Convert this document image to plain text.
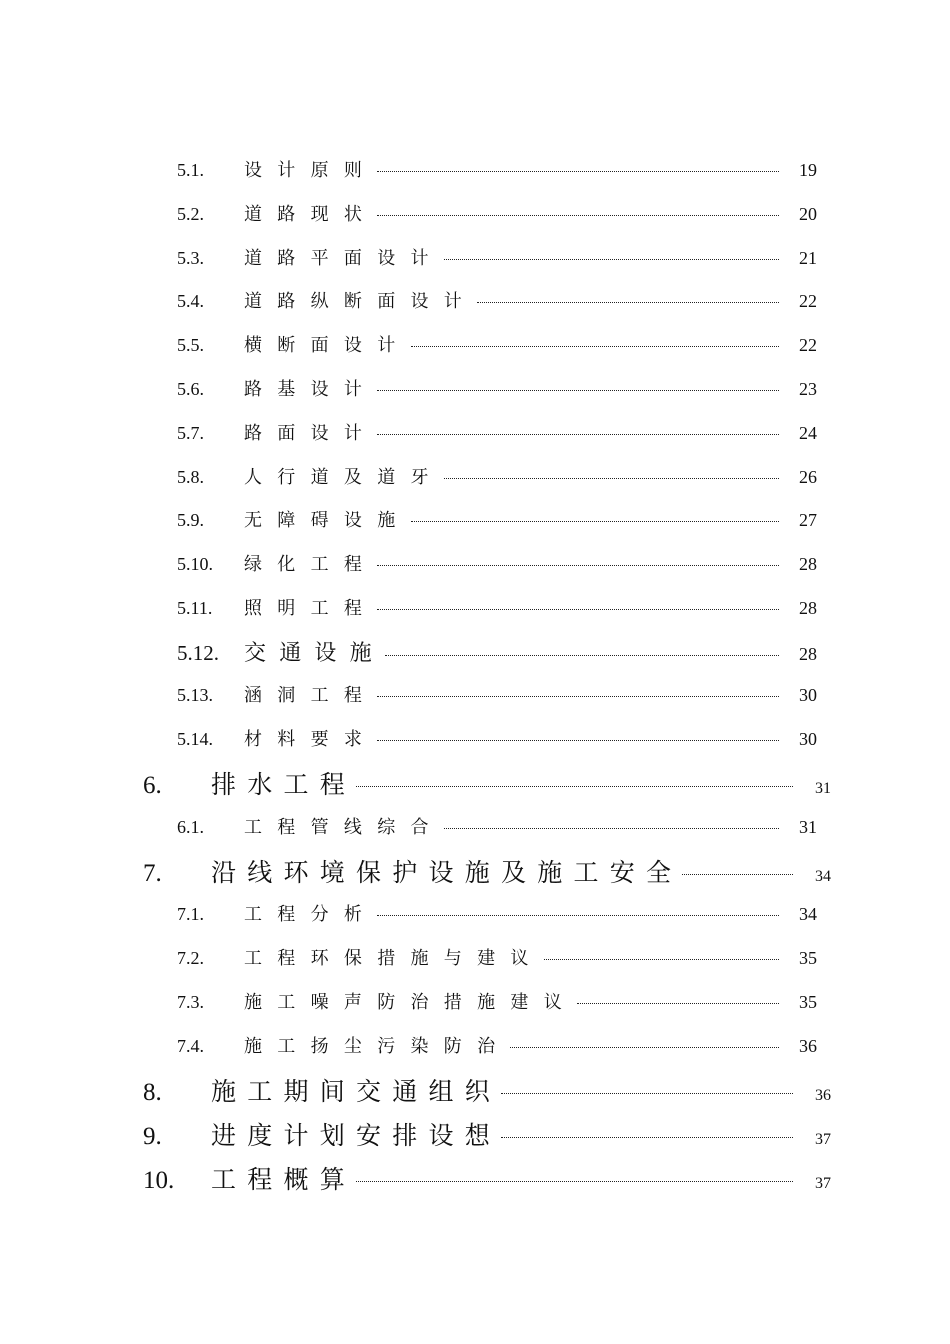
5.1.	设计原则	19
5.2.	道路现状	20
5.3.	道路平面设计	21
5.4.	道路纵断面设计	22
5.5.	横断面设计	22
5.6.	路基设计	23
5.7.	路面设计	24
5.8.	人行道及道牙	26
5.9.	无障碍设施	27
5.10.	绿化工程	28
5.11.	照明工程	28
5.12.	交通设施	28
5.13.	涵洞工程	30
5.14.	材料要求	30
6.	排水工程	31
6.1.	工程管线综合	31
7.	沿线环境保护设施及施工安全	34
7.1.	工程分析	34
7.2.	工程环保措施与建议	35
7.3.	施工噪声防治措施建议	35
7.4.	施工扬尘污染防治	36
8.	施工期间交通组织	36
9.	进度计划安排设想	37
10.	工程概算	37
